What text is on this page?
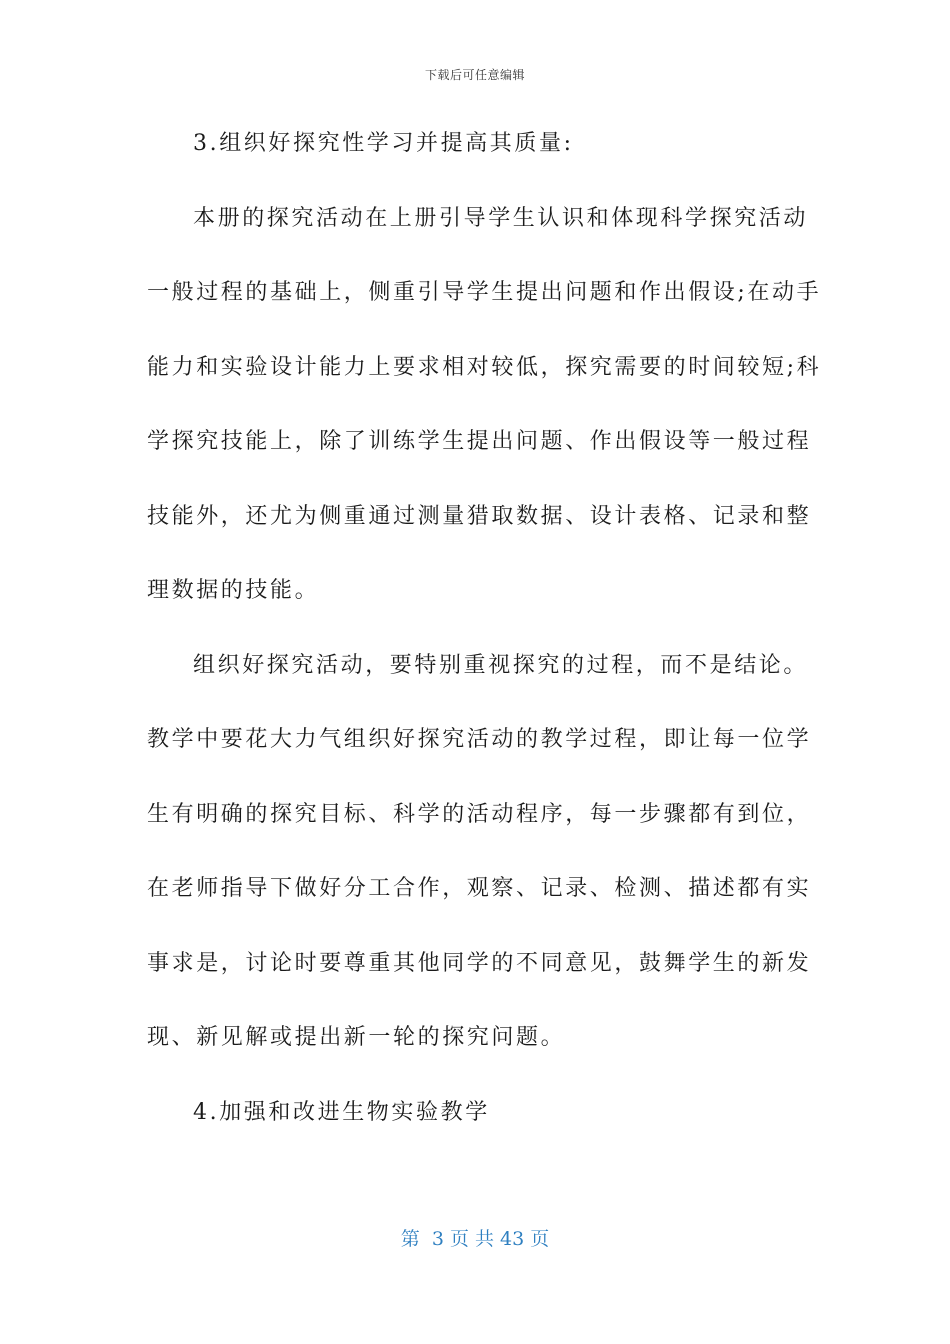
下载后可任意编辑
3.组织好探究性学习并提高其质量:
本册的探究活动在上册引导学生认识和体现科学探究活动
一般过程的基础上，侧重引导学生提出问题和作出假设;在动手
能力和实验设计能力上要求相对较低，探究需要的时间较短;科
学探究技能上，除了训练学生提出问题、作出假设等一般过程
技能外，还尤为侧重通过测量猎取数据、设计表格、记录和整
理数据的技能。
组织好探究活动，要特别重视探究的过程，而不是结论。
教学中要花大力气组织好探究活动的教学过程，即让每一位学
生有明确的探究目标、科学的活动程序，每一步骤都有到位，
在老师指导下做好分工合作，观察、记录、检测、描述都有实
事求是，讨论时要尊重其他同学的不同意见，鼓舞学生的新发
现、新见解或提出新一轮的探究问题。
4.加强和改进生物实验教学
第  3 页 共 43 页
